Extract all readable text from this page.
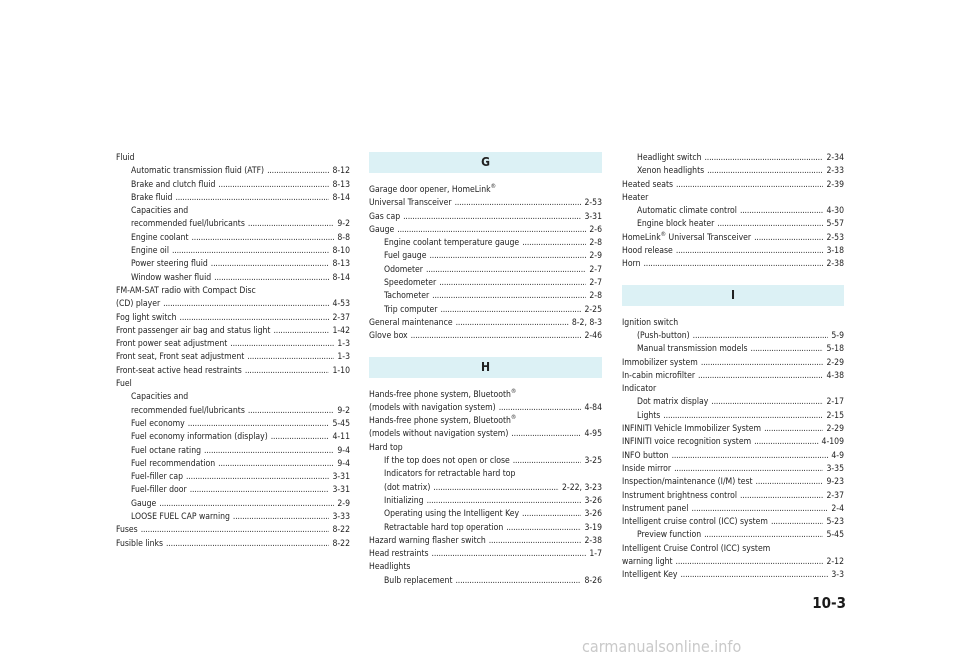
Fluid
Automatic transmission fluid (ATF) . . .	8-12
Brake and clutch fluid . . .	8-13
Brake fluid . . .	8-14
Capacities and
recommended fuel/lubricants . . .	9-2
Engine coolant . . .	8-8
Engine oil . . .	8-10
Power steering fluid . . .	8-13
Window washer fluid . . .	8-14
FM-AM-SAT radio with Compact Disc
(CD) player . . .	4-53
Fog light switch . . .	2-37
Front passenger air bag and status light . . .	1-42
Front power seat adjustment . . .	1-3
Front seat, Front seat adjustment . . .	1-3
Front-seat active head restraints . . .	1-10
Fuel
Capacities and
recommended fuel/lubricants . . .	9-2
Fuel economy . . .	5-45
Fuel economy information (display) . . .	4-11
Fuel octane rating . . .	9-4
Fuel recommendation . . .	9-4
Fuel-filler cap . . .	3-31
Fuel-filler door . . .	3-31
Gauge . . .	2-9
LOOSE FUEL CAP warning . . .	3-33
Fuses . . .	8-22
Fusible links . . .	8-22
G
Garage door opener, HomeLink®
Universal Transceiver . . .	2-53
Gas cap . . .	3-31
Gauge . . .	2-6
Engine coolant temperature gauge . . .	2-8
Fuel gauge . . .	2-9
Odometer . . .	2-7
Speedometer . . .	2-7
Tachometer . . .	2-8
Trip computer . . .	2-25
General maintenance . . .	8-2, 8-3
Glove box . . .	2-46
H
Hands-free phone system, Bluetooth®
(models with navigation system) . . .	4-84
Hands-free phone system, Bluetooth®
(models without navigation system) . . .	4-95
Hard top
If the top does not open or close . . .	3-25
Indicators for retractable hard top
(dot matrix) . . .	2-22, 3-23
Initializing . . .	3-26
Operating using the Intelligent Key . . .	3-26
Retractable hard top operation . . .	3-19
Hazard warning flasher switch . . .	2-38
Head restraints . . .	1-7
Headlights
Bulb replacement . . .	8-26
Headlight switch . . .	2-34
Xenon headlights . . .	2-33
Heated seats . . .	2-39
Heater
Automatic climate control . . .	4-30
Engine block heater . . .	5-57
HomeLink® Universal Transceiver . . .	2-53
Hood release . . .	3-18
Horn . . .	2-38
I
Ignition switch
(Push-button) . . .	5-9
Manual transmission models . . .	5-18
Immobilizer system . . .	2-29
In-cabin microfilter . . .	4-38
Indicator
Dot matrix display . . .	2-17
Lights . . .	2-15
INFINITI Vehicle Immobilizer System . . .	2-29
INFINITI voice recognition system . . .	4-109
INFO button . . .	4-9
Inside mirror . . .	3-35
Inspection/maintenance (I/M) test . . .	9-23
Instrument brightness control . . .	2-37
Instrument panel . . .	2-4
Intelligent cruise control (ICC) system . . .	5-23
Preview function . . .	5-45
Intelligent Cruise Control (ICC) system
warning light . . .	2-12
Intelligent Key . . .	3-3
10-3
carmanualsonline.info
